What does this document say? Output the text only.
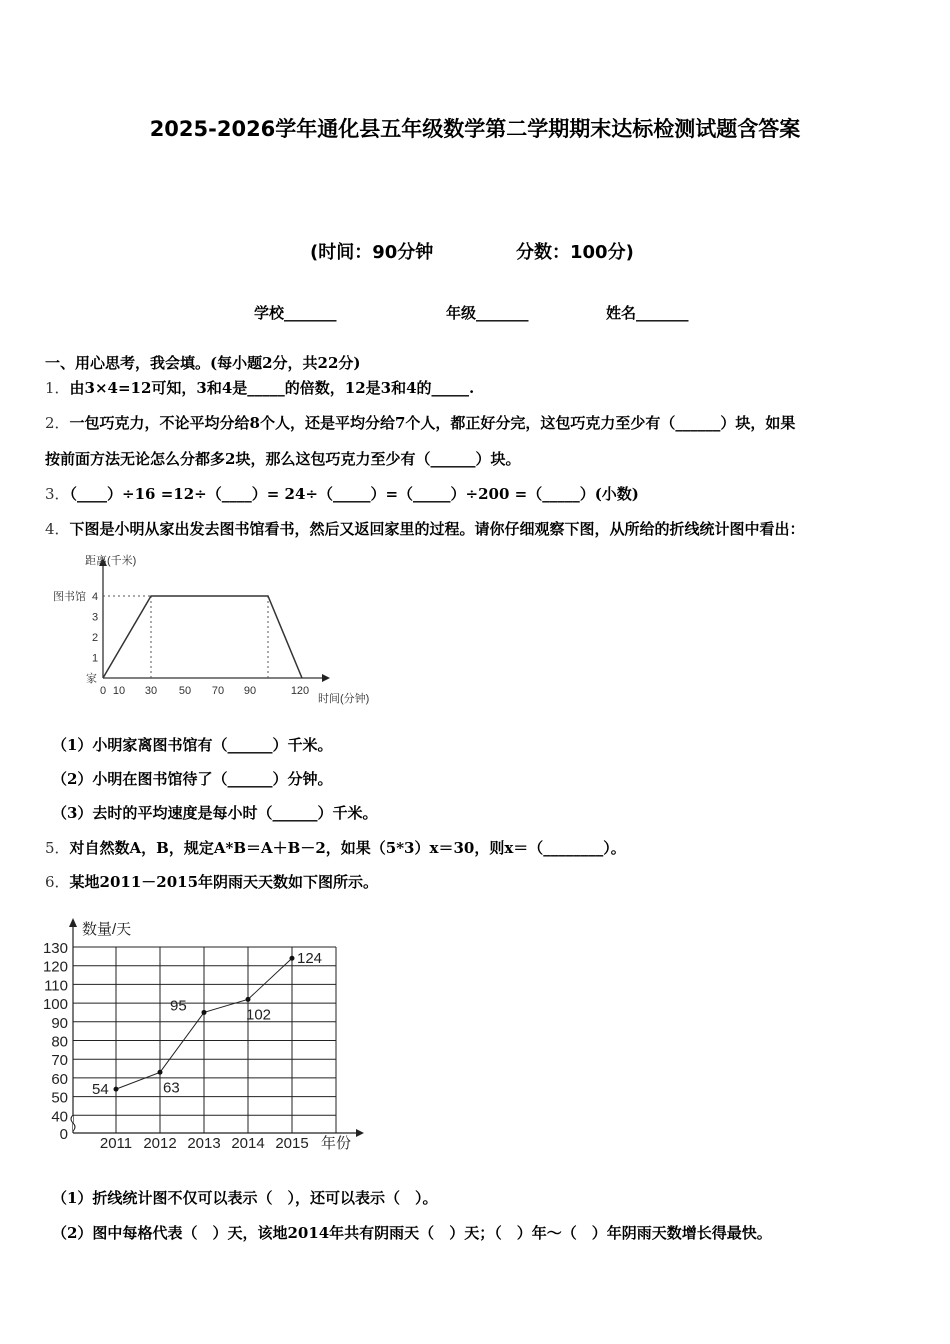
2025-2026学年通化县五年级数学第二学期期末达标检测试题含答案
(时间：90分钟	分数：100分)
学校_______	年级_______	姓名_______
一、用心思考，我会填。(每小题2分，共22分)
1．由3×4=12可知，3和4是_____的倍数，12是3和4的_____.
2．一包巧克力，不论平均分给8个人，还是平均分给7个人，都正好分完，这包巧克力至少有（______）块，如果
按前面方法无论怎么分都多2块，那么这包巧克力至少有（______）块。
3．（____）÷16 =12÷（____）= 24÷（_____）=（_____）÷200 =（_____）(小数)
4．下图是小明从家出发去图书馆看书，然后又返回家里的过程。请你仔细观察下图，从所给的折线统计图中看出：
距离(千米)
时间(分钟)
图书馆
家
1
2
3
4
0 10 30 50 70 90	120
（1）小明家离图书馆有（______）千米。
（2）小明在图书馆待了（______）分钟。
（3）去时的平均速度是每小时（______）千米。
5．对自然数A，B，规定A*B＝A＋B－2，如果（5*3）x＝30，则x＝（________）。
6．某地2011－2015年阴雨天天数如下图所示。
数量/天
年份
0
40
50
60
70
80
90
100
110
120
130
2011 2012 2013 2014 2015
54	63
95
102
124
（1）折线统计图不仅可以表示（　），还可以表示（　）。
（2）图中每格代表（　）天，该地2014年共有阴雨天（　）天；（　）年～（　）年阴雨天数增长得最快。
